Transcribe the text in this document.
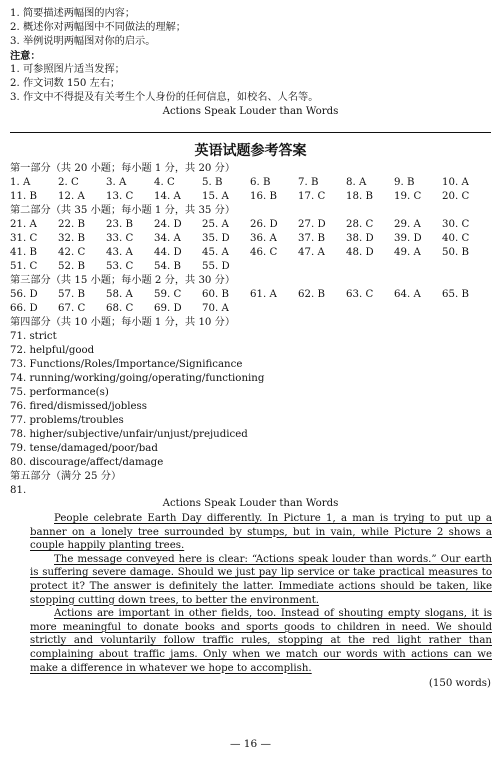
1. 简要描述两幅图的内容；
2. 概述你对两幅图中不同做法的理解；
3. 举例说明两幅图对你的启示。
注意：
1. 可参照图片适当发挥；
2. 作文词数 150 左右；
3. 作文中不得提及有关考生个人身份的任何信息，如校名、人名等。
Actions Speak Louder than Words
英语试题参考答案
第一部分（共 20 小题；每小题 1 分，共 20 分）
1. A	2. C	3. A	4. C	5. B	6. B	7. B	8. A	9. B	10. A
11. B 12. A 13. C 14. A 15. A 16. B 17. C 18. B 19. C 20. C
第二部分（共 35 小题；每小题 1 分，共 35 分）
21. A 22. B 23. B 24. D 25. A 26. D 27. D 28. C 29. A 30. C
31. C 32. B 33. C 34. A 35. D 36. A 37. B 38. D 39. D 40. C
41. B 42. C 43. A 44. D 45. A 46. C 47. A 48. D 49. A 50. B
51. C 52. B 53. C 54. B 55. D
第三部分（共 15 小题；每小题 2 分，共 30 分）
56. D 57. B 58. A 59. C 60. B 61. A 62. B 63. C 64. A 65. B
66. D 67. C 68. C 69. D 70. A
第四部分（共 10 小题；每小题 1 分，共 10 分）
71. strict
72. helpful/good
73. Functions/Roles/Importance/Significance
74. running/working/going/operating/functioning
75. performance(s)
76. fired/dismissed/jobless
77. problems/troubles
78. higher/subjective/unfair/unjust/prejudiced
79. tense/damaged/poor/bad
80. discourage/affect/damage
第五部分（满分 25 分）
81.
Actions Speak Louder than Words

People celebrate Earth Day differently. In Picture 1, a man is trying to put up a banner on a lonely tree surrounded by stumps, but in vain, while Picture 2 shows a couple happily planting trees.

The message conveyed here is clear: “Actions speak louder than words.” Our earth is suffering severe damage. Should we just pay lip service or take practical measures to protect it? The answer is definitely the latter. Immediate actions should be taken, like stopping cutting down trees, to better the environment.

Actions are important in other fields, too. Instead of shouting empty slogans, it is more meaningful to donate books and sports goods to children in need. We should strictly and voluntarily follow traffic rules, stopping at the red light rather than complaining about traffic jams. Only when we match our words with actions can we make a difference in whatever we hope to accomplish.

(150 words)
— 16 —
